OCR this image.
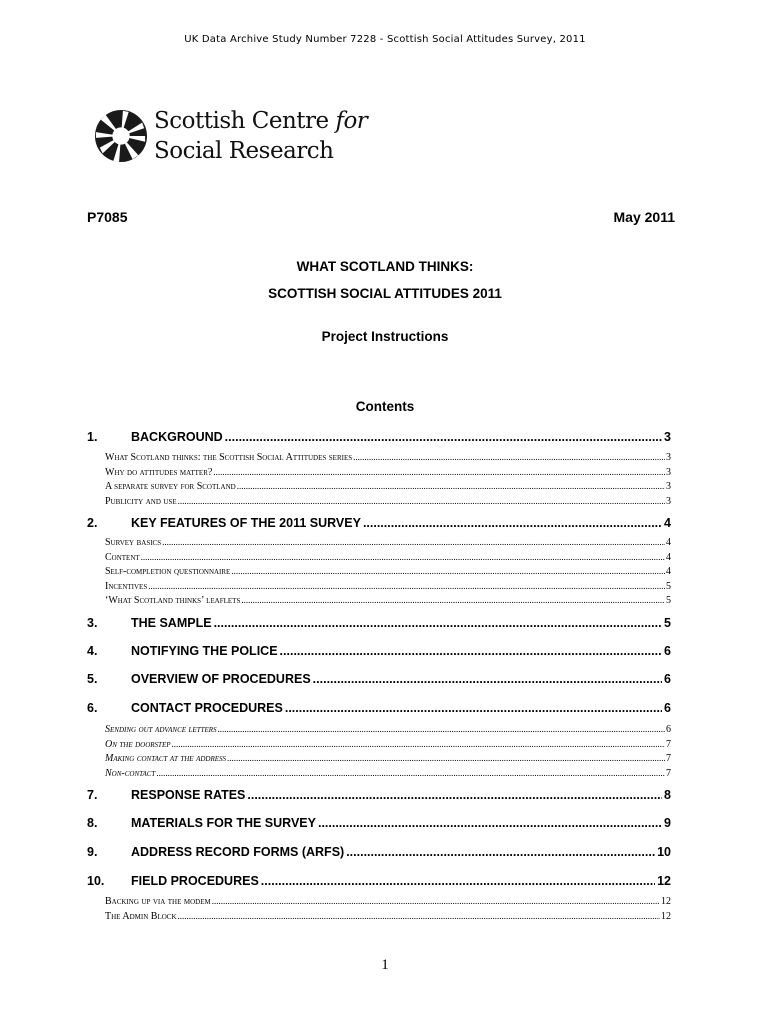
UK Data Archive Study Number 7228 - Scottish Social Attitudes Survey, 2011
Scottish Centre for
Social Research
P7085	May 2011
WHAT SCOTLAND THINKS:
SCOTTISH SOCIAL ATTITUDES 2011
Project Instructions
Contents
1.	BACKGROUND .....	3
What Scotland thinks: the Scottish Social Attitudes series .....	3
Why do attitudes matter? .....	3
A separate survey for Scotland .....	3
Publicity and use .....	3
2.	KEY FEATURES OF THE 2011 SURVEY .....	4
Survey basics .....	4
Content .....	4
Self-completion questionnaire .....	4
Incentives .....	5
‘What Scotland thinks’ leaflets .....	5
3.	THE SAMPLE .....	5
4.	NOTIFYING THE POLICE .....	6
5.	OVERVIEW OF PROCEDURES .....	6
6.	CONTACT PROCEDURES .....	6
Sending out advance letters .....	6
On the doorstep .....	7
Making contact at the address .....	7
Non-contact .....	7
7.	RESPONSE RATES .....	8
8.	MATERIALS FOR THE SURVEY .....	9
9.	ADDRESS RECORD FORMS (ARFS) .....	10
10.	FIELD PROCEDURES .....	12
Backing up via the modem .....	12
The Admin Block .....	12
1
